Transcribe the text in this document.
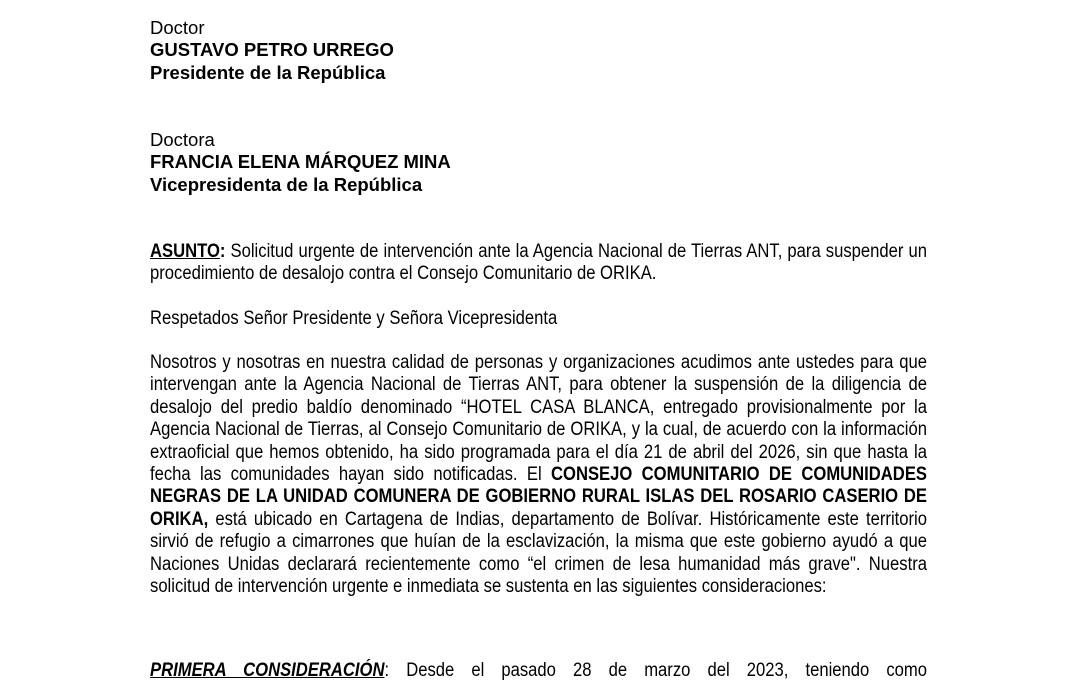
Doctor
GUSTAVO PETRO URREGO
Presidente de la República
Doctora
FRANCIA ELENA MÁRQUEZ MINA
Vicepresidenta de la República

ASUNTO: Solicitud urgente de intervención ante la Agencia Nacional de Tierras ANT, para suspender un procedimiento de desalojo contra el Consejo Comunitario de ORIKA.

Respetados Señor Presidente y Señora Vicepresidenta

Nosotros y nosotras en nuestra calidad de personas y organizaciones acudimos ante ustedes para que intervengan ante la Agencia Nacional de Tierras ANT, para obtener la suspensión de la diligencia de desalojo del predio baldío denominado “HOTEL CASA BLANCA, entregado provisionalmente por la Agencia Nacional de Tierras, al Consejo Comunitario de ORIKA, y la cual, de acuerdo con la información extraoficial que hemos obtenido, ha sido programada para el día 21 de abril del 2026, sin que hasta la fecha las comunidades hayan sido notificadas. El CONSEJO COMUNITARIO DE COMUNIDADES NEGRAS DE LA UNIDAD COMUNERA DE GOBIERNO RURAL ISLAS DEL ROSARIO CASERIO DE ORIKA, está ubicado en Cartagena de Indias, departamento de Bolívar. Históricamente este territorio sirvió de refugio a cimarrones que huían de la esclavización, la misma que este gobierno ayudó a que Naciones Unidas declarará recientemente como “el crimen de lesa humanidad más grave". Nuestra solicitud de intervención urgente e inmediata se sustenta en las siguientes consideraciones:

PRIMERA CONSIDERACIÓN: Desde el pasado 28 de marzo del 2023, teniendo como
